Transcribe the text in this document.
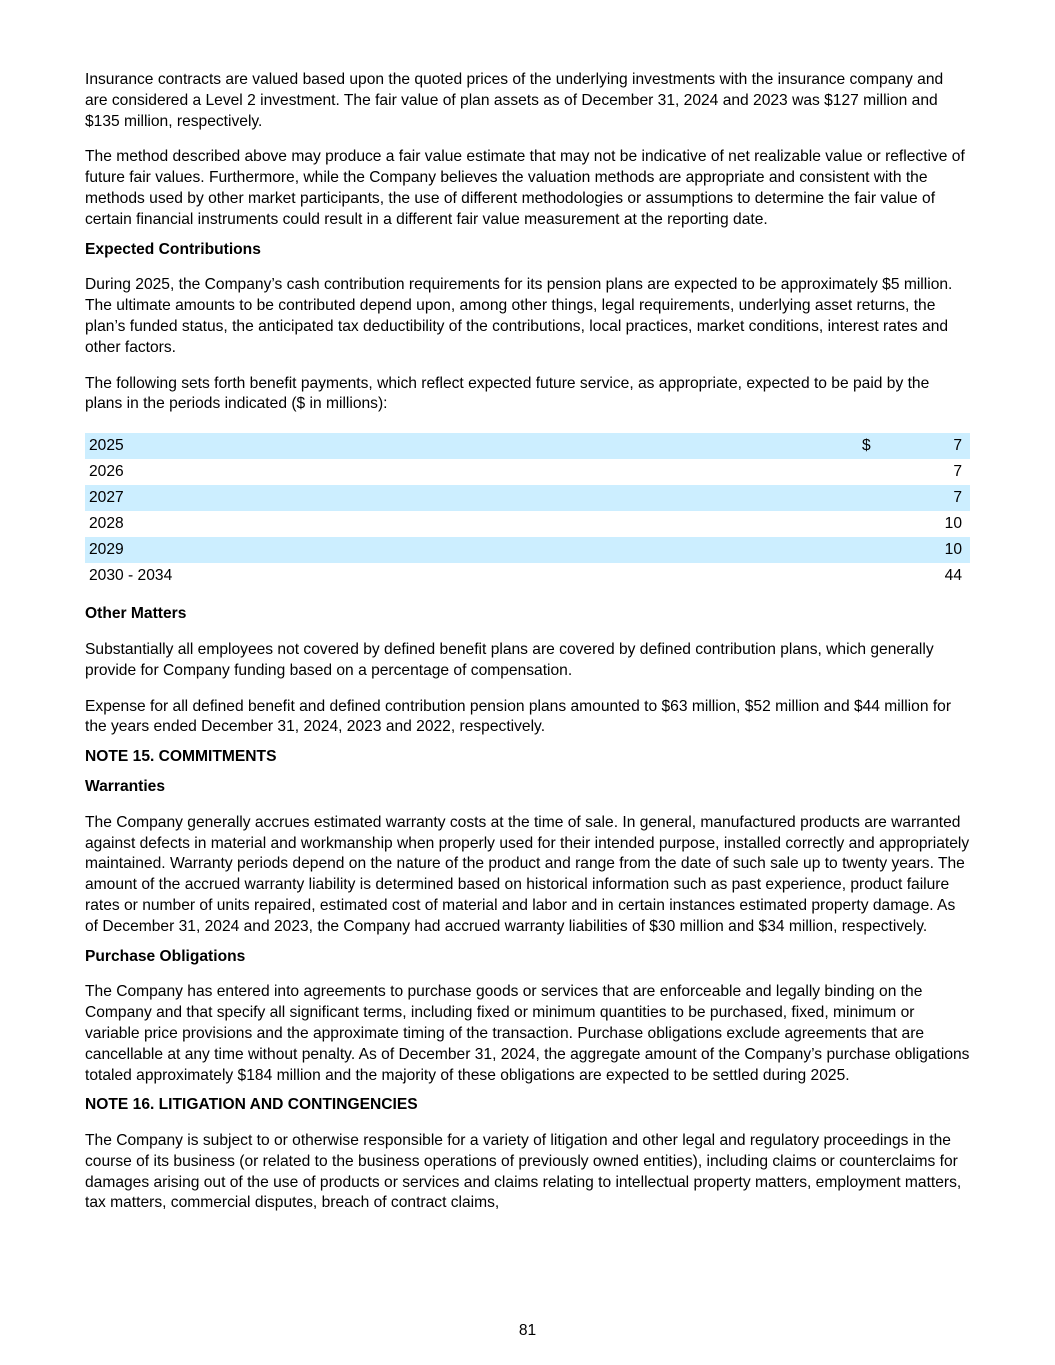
Insurance contracts are valued based upon the quoted prices of the underlying investments with the insurance company and are considered a Level 2 investment. The fair value of plan assets as of December 31, 2024 and 2023 was $127 million and $135 million, respectively.

The method described above may produce a fair value estimate that may not be indicative of net realizable value or reflective of future fair values. Furthermore, while the Company believes the valuation methods are appropriate and consistent with the methods used by other market participants, the use of different methodologies or assumptions to determine the fair value of certain financial instruments could result in a different fair value measurement at the reporting date.

Expected Contributions

During 2025, the Company’s cash contribution requirements for its pension plans are expected to be approximately $5 million. The ultimate amounts to be contributed depend upon, among other things, legal requirements, underlying asset returns, the plan’s funded status, the anticipated tax deductibility of the contributions, local practices, market conditions, interest rates and other factors.

The following sets forth benefit payments, which reflect expected future service, as appropriate, expected to be paid by the plans in the periods indicated ($ in millions):

2025	$	7
2026		7
2027		7
2028		10
2029		10
2030 - 2034		44

Other Matters

Substantially all employees not covered by defined benefit plans are covered by defined contribution plans, which generally provide for Company funding based on a percentage of compensation.

Expense for all defined benefit and defined contribution pension plans amounted to $63 million, $52 million and $44 million for the years ended December 31, 2024, 2023 and 2022, respectively.

NOTE 15. COMMITMENTS

Warranties

The Company generally accrues estimated warranty costs at the time of sale. In general, manufactured products are warranted against defects in material and workmanship when properly used for their intended purpose, installed correctly and appropriately maintained. Warranty periods depend on the nature of the product and range from the date of such sale up to twenty years. The amount of the accrued warranty liability is determined based on historical information such as past experience, product failure rates or number of units repaired, estimated cost of material and labor and in certain instances estimated property damage. As of December 31, 2024 and 2023, the Company had accrued warranty liabilities of $30 million and $34 million, respectively.

Purchase Obligations

The Company has entered into agreements to purchase goods or services that are enforceable and legally binding on the Company and that specify all significant terms, including fixed or minimum quantities to be purchased, fixed, minimum or variable price provisions and the approximate timing of the transaction. Purchase obligations exclude agreements that are cancellable at any time without penalty. As of December 31, 2024, the aggregate amount of the Company’s purchase obligations totaled approximately $184 million and the majority of these obligations are expected to be settled during 2025.

NOTE 16. LITIGATION AND CONTINGENCIES

The Company is subject to or otherwise responsible for a variety of litigation and other legal and regulatory proceedings in the course of its business (or related to the business operations of previously owned entities), including claims or counterclaims for damages arising out of the use of products or services and claims relating to intellectual property matters, employment matters, tax matters, commercial disputes, breach of contract claims,

81
